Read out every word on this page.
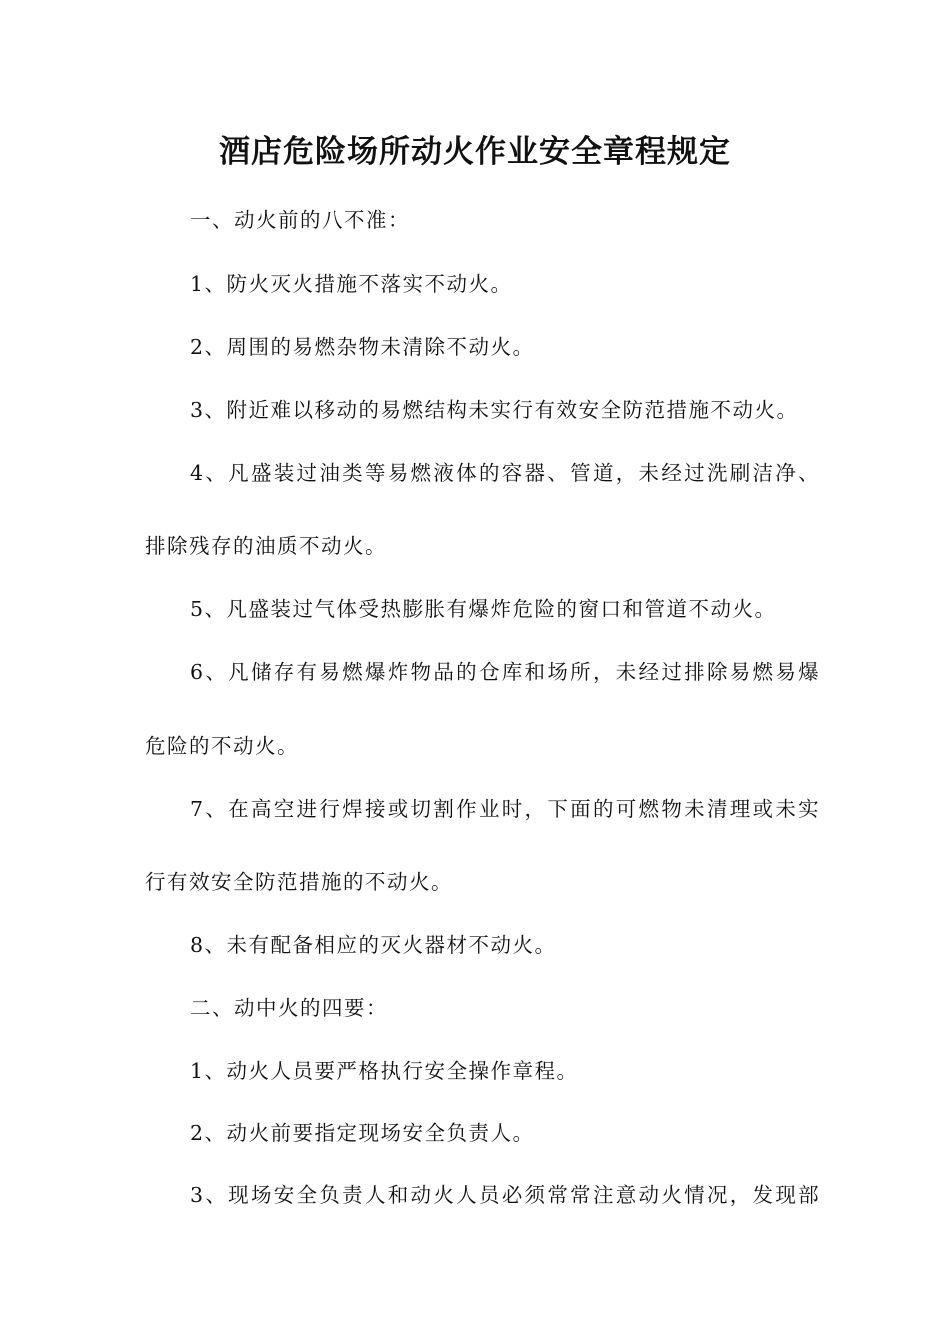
酒店危险场所动火作业安全章程规定
一、动火前的八不准：
1、防火灭火措施不落实不动火。
2、周围的易燃杂物未清除不动火。
3、附近难以移动的易燃结构未实行有效安全防范措施不动火。
4、凡盛装过油类等易燃液体的容器、管道，未经过洗刷洁净、
排除残存的油质不动火。
5、凡盛装过气体受热膨胀有爆炸危险的窗口和管道不动火。
6、凡储存有易燃爆炸物品的仓库和场所，未经过排除易燃易爆
危险的不动火。
7、在高空进行焊接或切割作业时，下面的可燃物未清理或未实
行有效安全防范措施的不动火。
8、未有配备相应的灭火器材不动火。
二、动中火的四要：
1、动火人员要严格执行安全操作章程。
2、动火前要指定现场安全负责人。
3、现场安全负责人和动火人员必须常常注意动火情况，发现部
